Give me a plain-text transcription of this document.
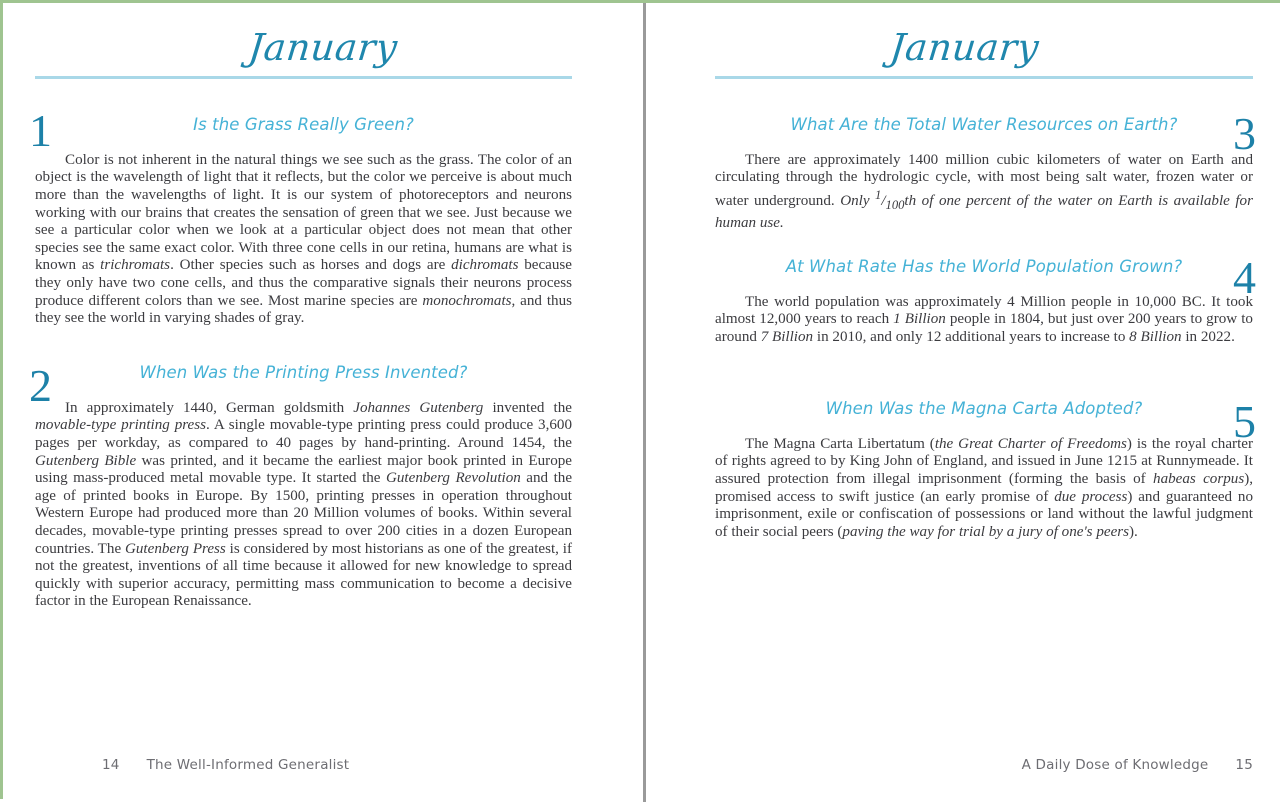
January
1	Is the Grass Really Green?
Color is not inherent in the natural things we see such as the grass. The color of an object is the wavelength of light that it reflects, but the color we perceive is about much more than the wavelengths of light. It is our system of photoreceptors and neurons working with our brains that creates the sensation of green that we see. Just because we see a particular color when we look at a particular object does not mean that other species see the same exact color. With three cone cells in our retina, humans are what is known as trichromats. Other species such as horses and dogs are dichromats because they only have two cone cells, and thus the comparative signals their neurons process produce different colors than we see. Most marine species are monochromats, and thus they see the world in varying shades of gray.
2	When Was the Printing Press Invented?
In approximately 1440, German goldsmith Johannes Gutenberg invented the movable-type printing press. A single movable-type printing press could produce 3,600 pages per workday, as compared to 40 pages by hand-printing. Around 1454, the Gutenberg Bible was printed, and it became the earliest major book printed in Europe using mass-produced metal movable type. It started the Gutenberg Revolution and the age of printed books in Europe. By 1500, printing presses in operation throughout Western Europe had produced more than 20 Million volumes of books. Within several decades, movable-type printing presses spread to over 200 cities in a dozen European countries. The Gutenberg Press is considered by most historians as one of the greatest, if not the greatest, inventions of all time because it allowed for new knowledge to spread quickly with superior accuracy, permitting mass communication to become a decisive factor in the European Renaissance.
14 The Well-Informed Generalist
January
3
What Are the Total Water Resources on Earth?
There are approximately 1400 million cubic kilometers of water on Earth and circulating through the hydrologic cycle, with most being salt water, frozen water or water underground. Only $^1/_{100}th$ of one percent of the water on Earth is available for human use.
4
At What Rate Has the World Population Grown?
The world population was approximately 4 Million people in 10,000 BC. It took almost 12,000 years to reach 1 Billion people in 1804, but just over 200 years to grow to around 7 Billion in 2010, and only 12 additional years to increase to 8 Billion in 2022.
5
When Was the Magna Carta Adopted?
The Magna Carta Libertatum (the Great Charter of Freedoms) is the royal charter of rights agreed to by King John of England, and issued in June 1215 at Runnymeade. It assured protection from illegal imprisonment (forming the basis of habeas corpus), promised access to swift justice (an early promise of due process) and guaranteed no imprisonment, exile or confiscation of possessions or land without the lawful judgment of their social peers (paving the way for trial by a jury of one's peers).
A Daily Dose of Knowledge 15
